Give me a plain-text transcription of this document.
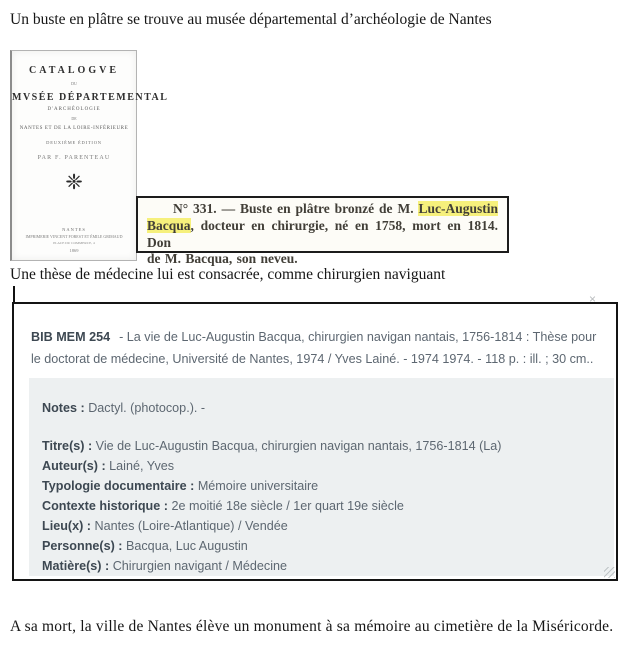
Un buste en plâtre se trouve au musée départemental d’archéologie de Nantes

CATALOGVE
DU
MVSÉE DÉPARTEMENTAL
D'ARCHÉOLOGIE
DE
NANTES ET DE LA LOIRE-INFÉRIEURE
DEUXIÈME ÉDITION
PAR F. PARENTEAU
❈
NANTES
IMPRIMERIE VINCENT FOREST ET ÉMILE GRIMAUD
PLACE DU COMMERCE, 4
1869
N° 331. — Buste en plâtre bronzé de M. Luc-Augustin
Bacqua, docteur en chirurgie, né en 1758, mort en 1814. Don
de M. Bacqua, son neveu.

Une thèse de médecine lui est consacrée, comme chirurgien naviguant

×

BIB MEM 254 - La vie de Luc-Augustin Bacqua, chirurgien navigan nantais, 1756-1814 : Thèse pour le doctorat de médecine, Université de Nantes, 1974 / Yves Lainé. - 1974 1974. - 118 p. : ill. ; 30 cm..

Notes : Dactyl. (photocop.). -

Titre(s) : Vie de Luc-Augustin Bacqua, chirurgien navigan nantais, 1756-1814 (La)

Auteur(s) : Lainé, Yves

Typologie documentaire : Mémoire universitaire

Contexte historique : 2e moitié 18e siècle / 1er quart 19e siècle

Lieu(x) : Nantes (Loire-Atlantique) / Vendée

Personne(s) : Bacqua, Luc Augustin

Matière(s) : Chirurgien navigant / Médecine

A sa mort, la ville de Nantes élève un monument à sa mémoire au cimetière de la Miséricorde.
